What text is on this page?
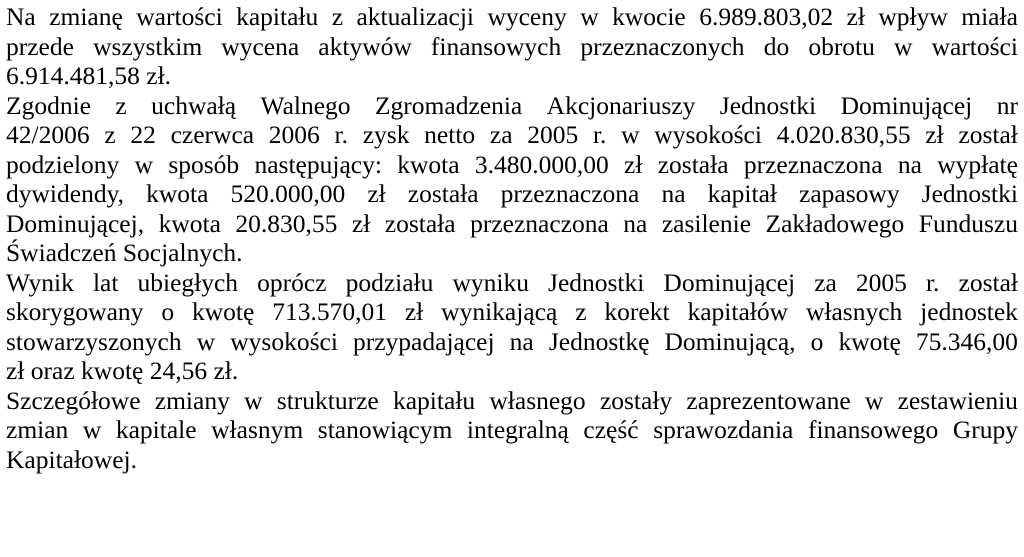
Na zmianę wartości kapitału z aktualizacji wyceny w kwocie 6.989.803,02 zł wpływ miała
przede wszystkim wycena aktywów finansowych przeznaczonych do obrotu w wartości
6.914.481,58 zł.
Zgodnie z uchwałą Walnego Zgromadzenia Akcjonariuszy Jednostki Dominującej nr
42/2006 z 22 czerwca 2006 r. zysk netto za 2005 r. w wysokości 4.020.830,55 zł został
podzielony w sposób następujący: kwota 3.480.000,00 zł została przeznaczona na wypłatę
dywidendy, kwota 520.000,00 zł została przeznaczona na kapitał zapasowy Jednostki
Dominującej, kwota 20.830,55 zł została przeznaczona na zasilenie Zakładowego Funduszu
Świadczeń Socjalnych.
Wynik lat ubiegłych oprócz podziału wyniku Jednostki Dominującej za 2005 r. został
skorygowany o kwotę 713.570,01 zł wynikającą z korekt kapitałów własnych jednostek
stowarzyszonych w wysokości przypadającej na Jednostkę Dominującą, o kwotę 75.346,00
zł oraz kwotę 24,56 zł.
Szczegółowe zmiany w strukturze kapitału własnego zostały zaprezentowane w zestawieniu
zmian w kapitale własnym stanowiącym integralną część sprawozdania finansowego Grupy
Kapitałowej.
